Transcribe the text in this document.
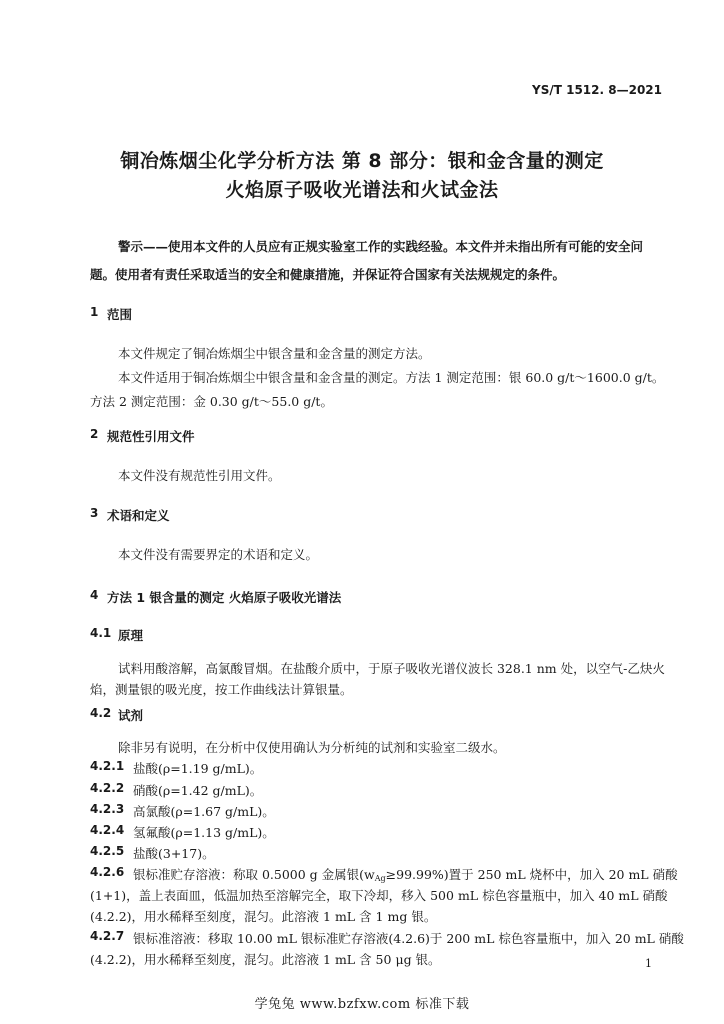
YS/T 1512. 8—2021
铜冶炼烟尘化学分析方法 第 8 部分：银和金含量的测定
火焰原子吸收光谱法和火试金法
警示——使用本文件的人员应有正规实验室工作的实践经验。本文件并未指出所有可能的安全问
题。使用者有责任采取适当的安全和健康措施，并保证符合国家有关法规规定的条件。
1 范围
本文件规定了铜冶炼烟尘中银含量和金含量的测定方法。
本文件适用于铜冶炼烟尘中银含量和金含量的测定。方法 1 测定范围：银 60.0 g/t～1600.0 g/t。
方法 2 测定范围：金 0.30 g/t～55.0 g/t。
2 规范性引用文件
本文件没有规范性引用文件。
3 术语和定义
本文件没有需要界定的术语和定义。
4 方法 1 银含量的测定 火焰原子吸收光谱法
4.1 原理
试料用酸溶解，高氯酸冒烟。在盐酸介质中，于原子吸收光谱仪波长 328.1 nm 处，以空气-乙炔火
焰，测量银的吸光度，按工作曲线法计算银量。
4.2 试剂
除非另有说明，在分析中仅使用确认为分析纯的试剂和实验室二级水。
4.2.1 盐酸(ρ=1.19 g/mL)。
4.2.2 硝酸(ρ=1.42 g/mL)。
4.2.3 高氯酸(ρ=1.67 g/mL)。
4.2.4 氢氟酸(ρ=1.13 g/mL)。
4.2.5 盐酸(3+17)。
4.2.6 银标准贮存溶液：称取 0.5000 g 金属银$(w_{Ag}\ge 99.99\%)$置于 250 mL 烧杯中，加入 20 mL 硝酸
(1+1)，盖上表面皿，低温加热至溶解完全，取下冷却，移入 500 mL 棕色容量瓶中，加入 40 mL 硝酸
(4.2.2)，用水稀释至刻度，混匀。此溶液 1 mL 含 1 mg 银。
4.2.7 银标准溶液：移取 10.00 mL 银标准贮存溶液(4.2.6)于 200 mL 棕色容量瓶中，加入 20 mL 硝酸
(4.2.2)，用水稀释至刻度，混匀。此溶液 1 mL 含 50 μg 银。	1
学兔兔 www.bzfxw.com 标准下载
